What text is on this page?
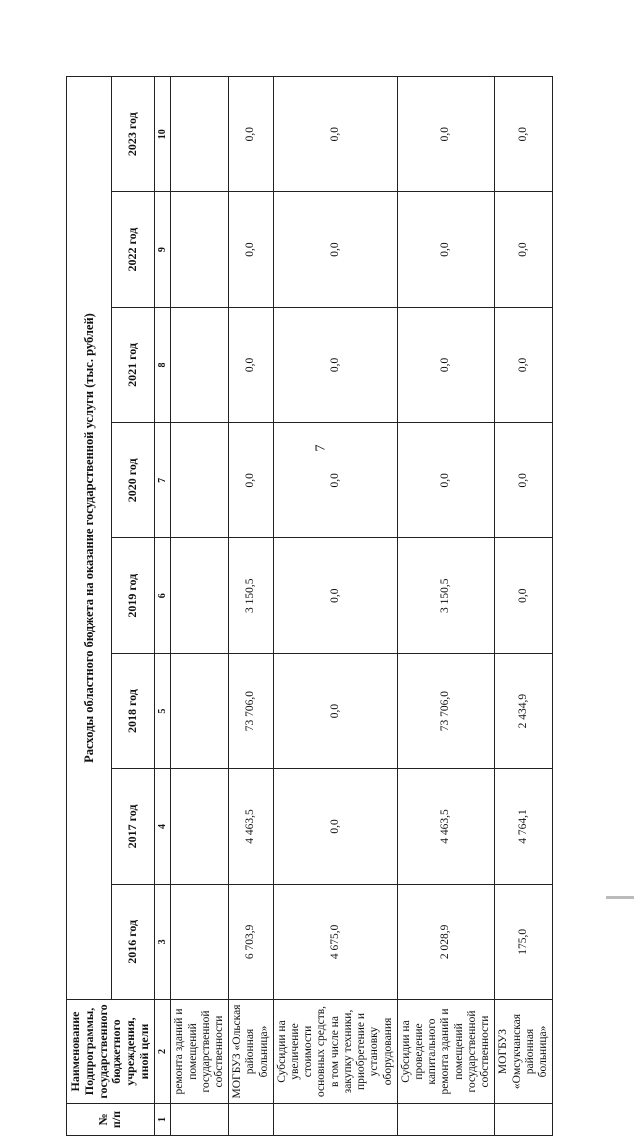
7
№ п/п	Наименование Подпрограммы, государственного бюджетного учреждения, иной цели	Расходы областного бюджета на оказание государственной услуги (тыс. рублей)							
		2016 год	2017 год	2018 год	2019 год	2020 год	2021 год	2022 год	2023 год
1	2	3	4	5	6	7	8	9	10
	ремонта зданий и помещений государственной собственности								
	МОГБУЗ «Ольская районная больница»	6 703,9	4 463,5	73 706,0	3 150,5	0,0	0,0	0,0	0,0
	Субсидии на увеличение стоимости основных средств, в том числе на закупку техники, приобретение и установку оборудования	4 675,0	0,0	0,0	0,0	0,0	0,0	0,0	0,0
	Субсидии на проведение капитального ремонта зданий и помещений государственной собственности	2 028,9	4 463,5	73 706,0	3 150,5	0,0	0,0	0,0	0,0
	МОГБУЗ «Омсукчанская районная больница»	175,0	4 764,1	2 434,9	0,0	0,0	0,0	0,0	0,0
